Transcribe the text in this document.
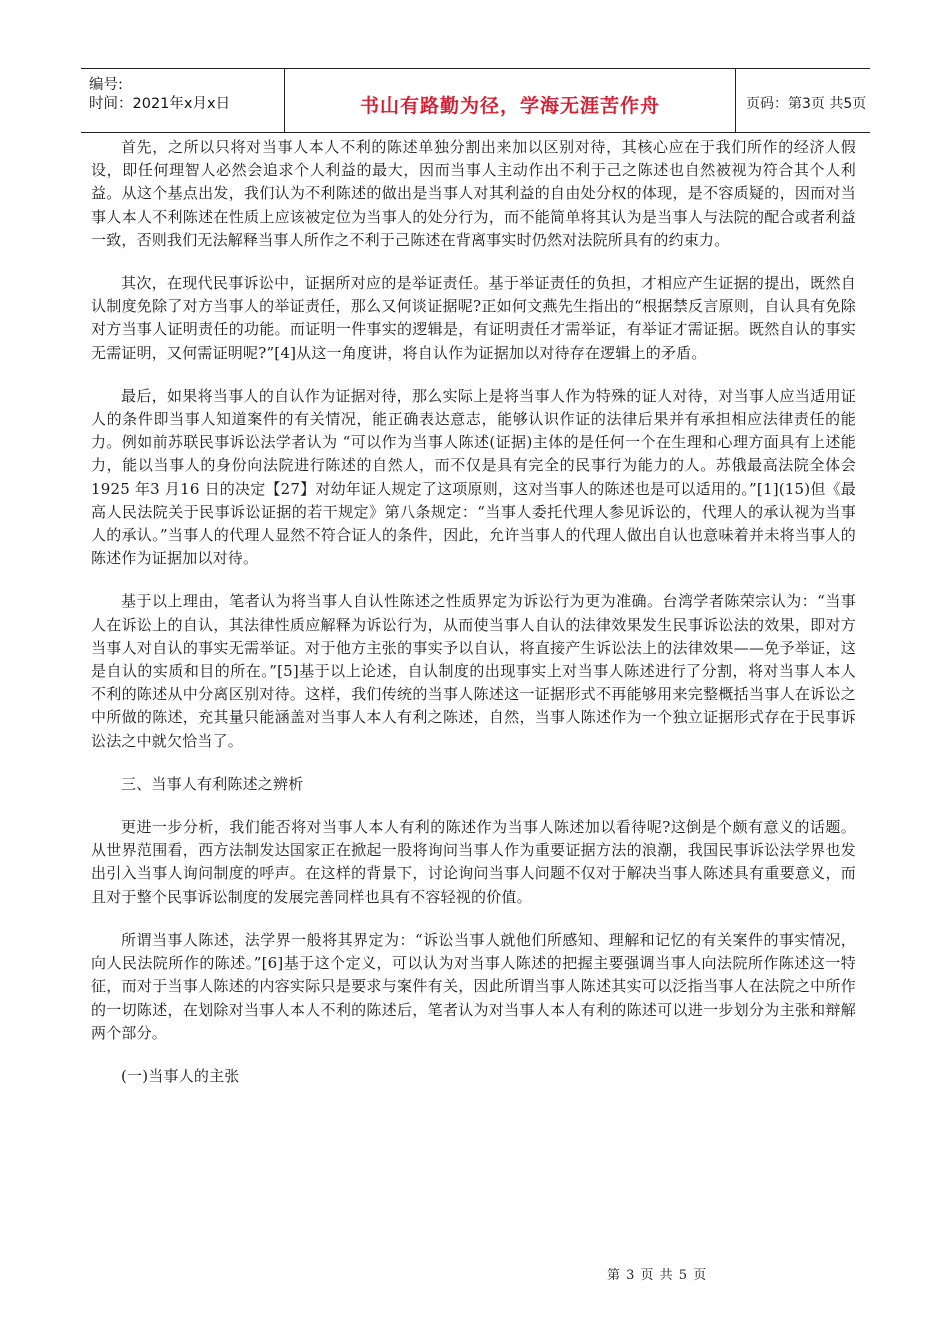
编号:
时间：2021年x月x日	书山有路勤为径，学海无涯苦作舟	页码：第3页 共5页

首先，之所以只将对当事人本人不利的陈述单独分割出来加以区别对待，其核心应在于我们所作的经济人假设，即任何理智人必然会追求个人利益的最大，因而当事人主动作出不利于己之陈述也自然被视为符合其个人利益。从这个基点出发，我们认为不利陈述的做出是当事人对其利益的自由处分权的体现，是不容质疑的，因而对当事人本人不利陈述在性质上应该被定位为当事人的处分行为，而不能简单将其认为是当事人与法院的配合或者利益一致，否则我们无法解释当事人所作之不利于己陈述在背离事实时仍然对法院所具有的约束力。

其次，在现代民事诉讼中，证据所对应的是举证责任。基于举证责任的负担，才相应产生证据的提出，既然自认制度免除了对方当事人的举证责任，那么又何谈证据呢?正如何文燕先生指出的“根据禁反言原则，自认具有免除对方当事人证明责任的功能。而证明一件事实的逻辑是，有证明责任才需举证，有举证才需证据。既然自认的事实无需证明，又何需证明呢?”[4]从这一角度讲，将自认作为证据加以对待存在逻辑上的矛盾。

最后，如果将当事人的自认作为证据对待，那么实际上是将当事人作为特殊的证人对待，对当事人应当适用证人的条件即当事人知道案件的有关情况，能正确表达意志，能够认识作证的法律后果并有承担相应法律责任的能力。例如前苏联民事诉讼法学者认为 “可以作为当事人陈述(证据)主体的是任何一个在生理和心理方面具有上述能力，能以当事人的身份向法院进行陈述的自然人，而不仅是具有完全的民事行为能力的人。苏俄最高法院全体会1925 年3 月16 日的决定【27】对幼年证人规定了这项原则，这对当事人的陈述也是可以适用的。”[1](15)但《最高人民法院关于民事诉讼证据的若干规定》第八条规定：“当事人委托代理人参见诉讼的，代理人的承认视为当事人的承认。”当事人的代理人显然不符合证人的条件，因此，允许当事人的代理人做出自认也意味着并未将当事人的陈述作为证据加以对待。

基于以上理由，笔者认为将当事人自认性陈述之性质界定为诉讼行为更为准确。台湾学者陈荣宗认为：“当事人在诉讼上的自认，其法律性质应解释为诉讼行为，从而使当事人自认的法律效果发生民事诉讼法的效果，即对方当事人对自认的事实无需举证。对于他方主张的事实予以自认，将直接产生诉讼法上的法律效果——免予举证，这是自认的实质和目的所在。”[5]基于以上论述，自认制度的出现事实上对当事人陈述进行了分割，将对当事人本人不利的陈述从中分离区别对待。这样，我们传统的当事人陈述这一证据形式不再能够用来完整概括当事人在诉讼之中所做的陈述，充其量只能涵盖对当事人本人有利之陈述，自然，当事人陈述作为一个独立证据形式存在于民事诉讼法之中就欠恰当了。

三、当事人有利陈述之辨析

更进一步分析，我们能否将对当事人本人有利的陈述作为当事人陈述加以看待呢?这倒是个颇有意义的话题。从世界范围看，西方法制发达国家正在掀起一股将询问当事人作为重要证据方法的浪潮，我国民事诉讼法学界也发出引入当事人询问制度的呼声。在这样的背景下，讨论询问当事人问题不仅对于解决当事人陈述具有重要意义，而且对于整个民事诉讼制度的发展完善同样也具有不容轻视的价值。

所谓当事人陈述，法学界一般将其界定为：“诉讼当事人就他们所感知、理解和记忆的有关案件的事实情况，向人民法院所作的陈述。”[6]基于这个定义，可以认为对当事人陈述的把握主要强调当事人向法院所作陈述这一特征，而对于当事人陈述的内容实际只是要求与案件有关，因此所谓当事人陈述其实可以泛指当事人在法院之中所作的一切陈述，在划除对当事人本人不利的陈述后，笔者认为对当事人本人有利的陈述可以进一步划分为主张和辩解两个部分。

(一)当事人的主张

第 3 页 共 5 页
